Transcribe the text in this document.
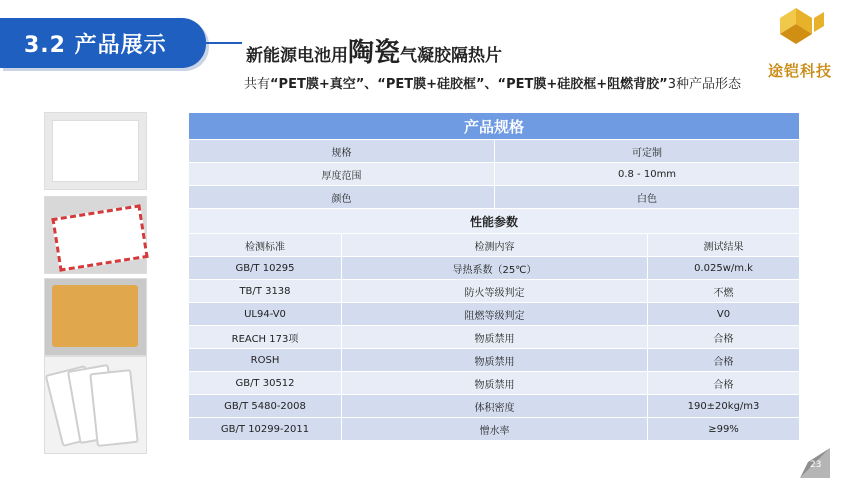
3.2 产品展示	新能源电池用陶瓷气凝胶隔热片
共有“PET膜+真空”、“PET膜+硅胶框”、“PET膜+硅胶框+阻燃背胶”3种产品形态
途铠科技
产品规格			
规格		可定制	
厚度范围		0.8 - 10mm	
颜色		白色	
性能参数			
检测标准	检测内容		测试结果
GB/T 10295	导热系数（25℃）		0.025w/m.k
TB/T 3138	防火等级判定		不燃
UL94-V0	阻燃等级判定		V0
REACH 173项	物质禁用		合格
ROSH	物质禁用		合格
GB/T 30512	物质禁用		合格
GB/T 5480-2008	体积密度		190±20kg/m3
GB/T 10299-2011	憎水率		≥99%
23
